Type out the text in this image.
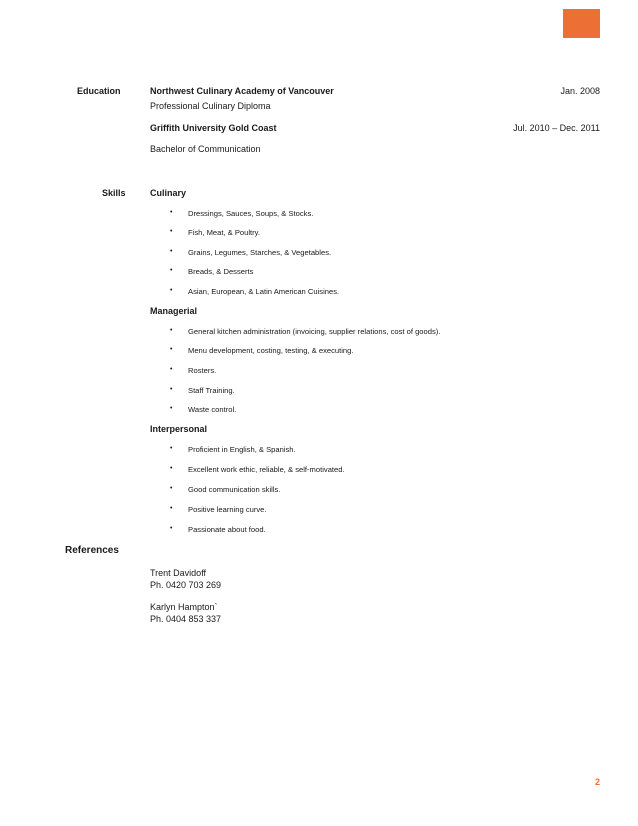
Education	Northwest Culinary Academy of Vancouver	Jan. 2008
Professional Culinary Diploma
Griffith University Gold Coast	Jul. 2010 – Dec. 2011
Bachelor of Communication
Skills	Culinary
• Dressings, Sauces, Soups, & Stocks.
• Fish, Meat, & Poultry.
• Grains, Legumes, Starches, & Vegetables.
• Breads, & Desserts
• Asian, European, & Latin American Cuisines.
Managerial
• General kitchen administration (invoicing, supplier relations, cost of goods).
• Menu development, costing, testing, & executing.
• Rosters.
• Staff Training.
• Waste control.
Interpersonal
• Proficient in English, & Spanish.
• Excellent work ethic, reliable, & self-motivated.
• Good communication skills.
• Positive learning curve.
• Passionate about food.
References
Trent Davidoff
Ph. 0420 703 269
Karlyn Hampton`
Ph. 0404 853 337
2
